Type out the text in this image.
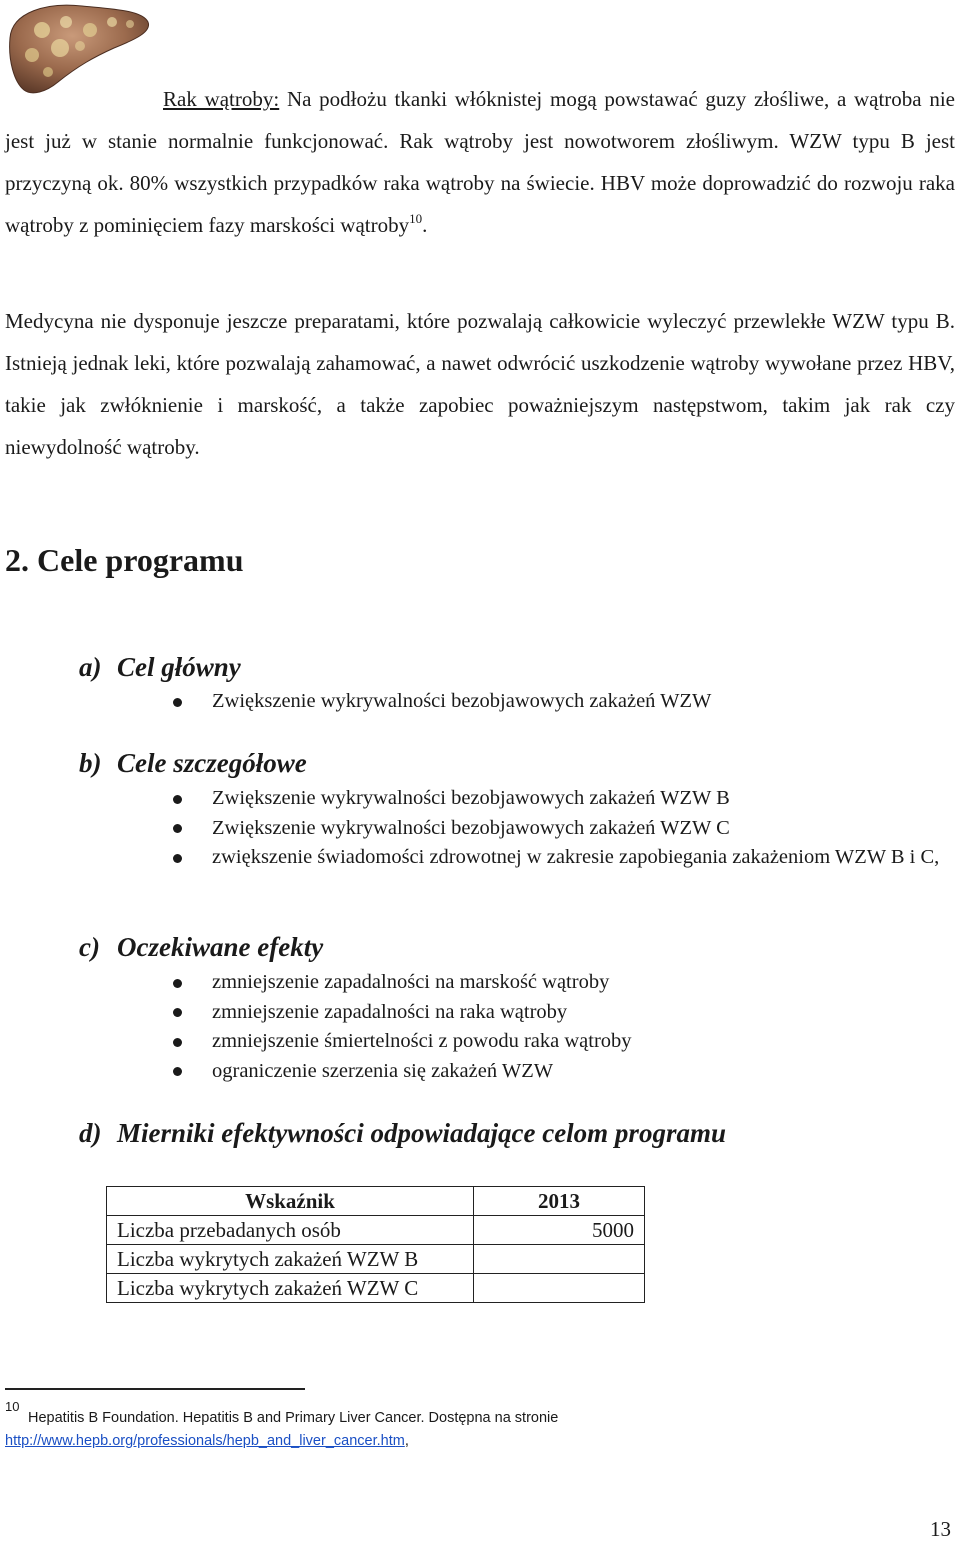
Rak wątroby: Na podłożu tkanki włóknistej mogą powstawać guzy złośliwe, a wątroba nie jest już w stanie normalnie funkcjonować. Rak wątroby jest nowotworem złośliwym. WZW typu B jest przyczyną ok. 80% wszystkich przypadków raka wątroby na świecie. HBV może doprowadzić do rozwoju raka wątroby z pominięciem fazy marskości wątroby$^{10}$.
Medycyna nie dysponuje jeszcze preparatami, które pozwalają całkowicie wyleczyć przewlekłe WZW typu B. Istnieją jednak leki, które pozwalają zahamować, a nawet odwrócić uszkodzenie wątroby wywołane przez HBV, takie jak zwłóknienie i marskość, a także zapobiec poważniejszym następstwom, takim jak rak czy niewydolność wątroby.
2. Cele programu
a) Cel główny
Zwiększenie wykrywalności bezobjawowych zakażeń WZW
b) Cele szczegółowe
Zwiększenie wykrywalności bezobjawowych zakażeń WZW B
Zwiększenie wykrywalności bezobjawowych zakażeń WZW C
zwiększenie świadomości zdrowotnej w zakresie zapobiegania zakażeniom WZW B i C,
c) Oczekiwane efekty
zmniejszenie zapadalności na marskość wątroby
zmniejszenie zapadalności na raka wątroby
zmniejszenie śmiertelności z powodu raka wątroby
ograniczenie szerzenia się zakażeń WZW
d) Mierniki efektywności odpowiadające celom programu
Wskaźnik	2013
Liczba przebadanych osób	5000
Liczba wykrytych zakażeń WZW B	
Liczba wykrytych zakażeń WZW C	
10
Hepatitis B Foundation. Hepatitis B and Primary Liver Cancer. Dostępna na stronie
http://www.hepb.org/professionals/hepb_and_liver_cancer.htm,
13
